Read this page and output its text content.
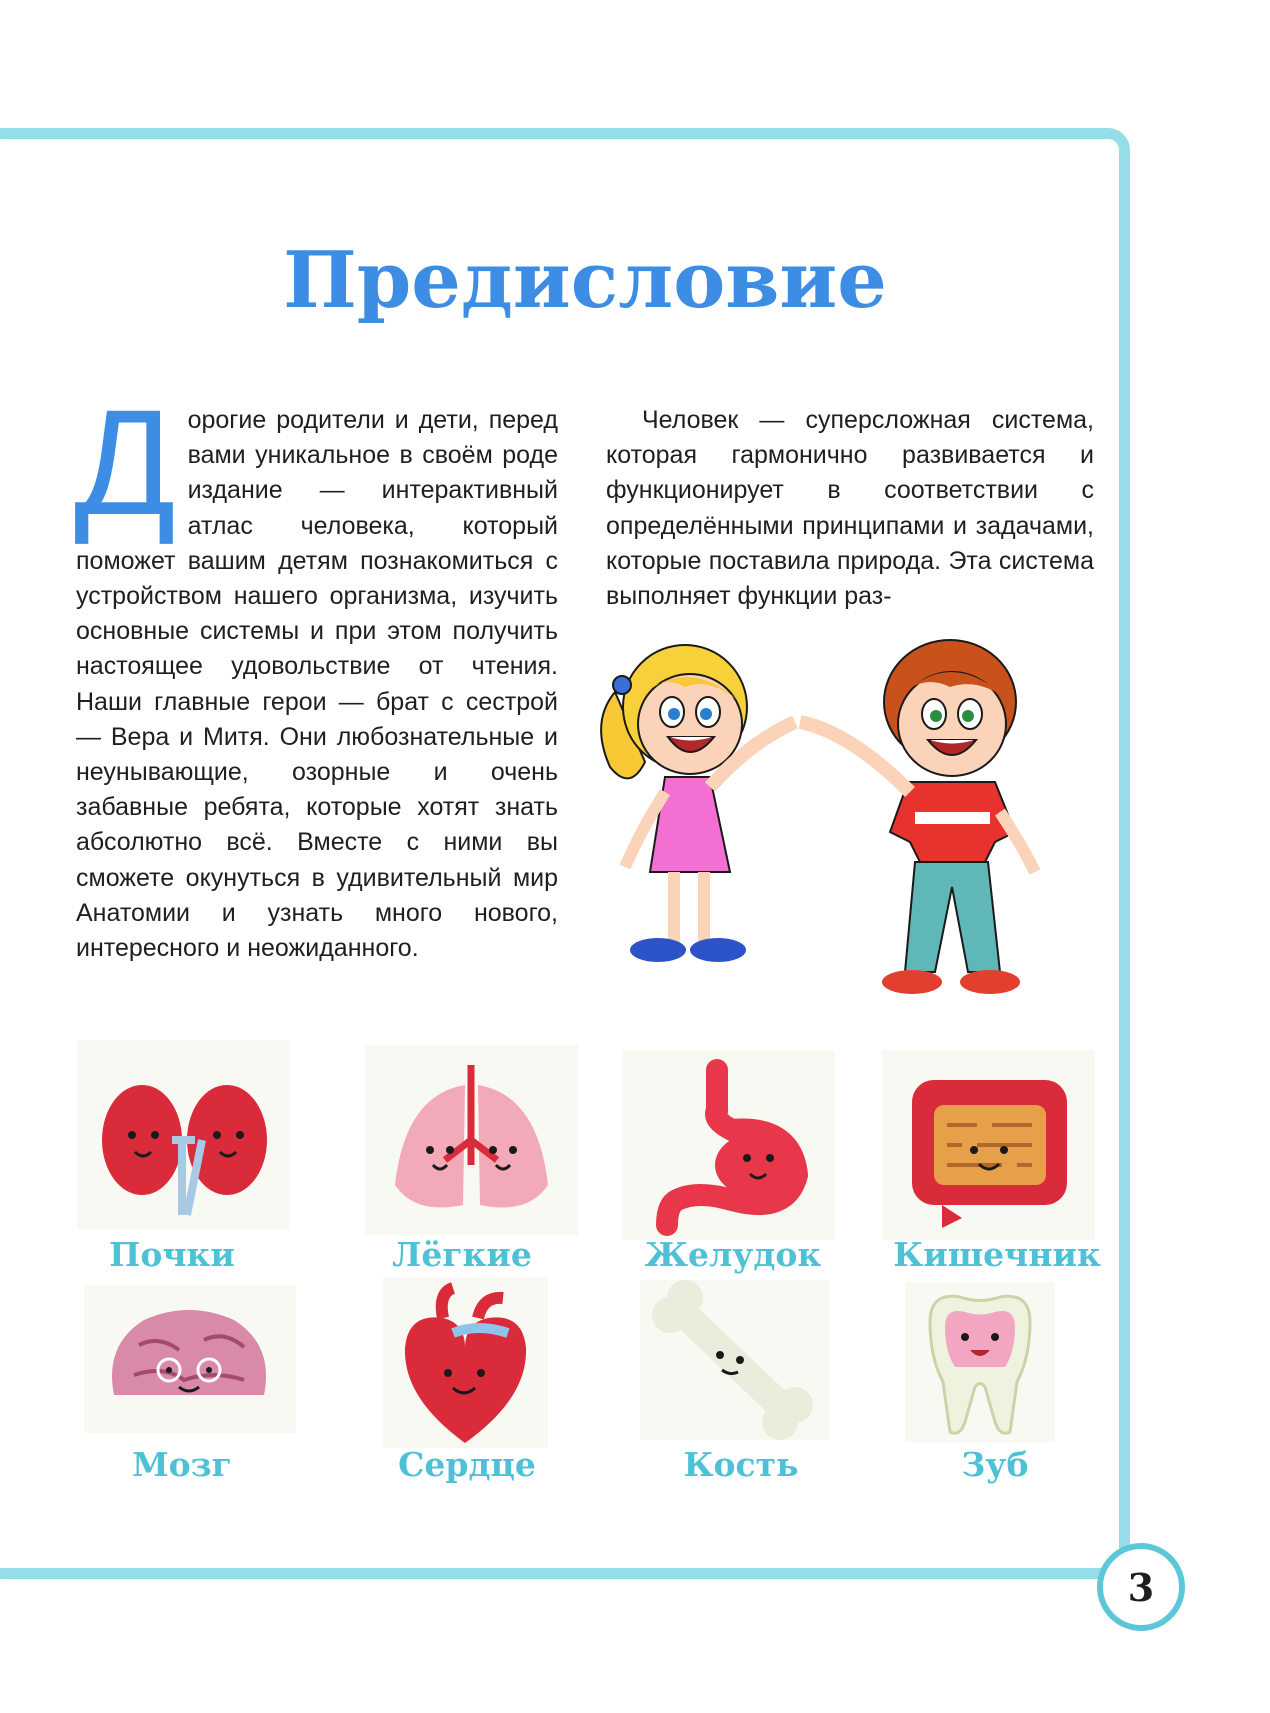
Предисловие
Д орогие родители и дети, перед вами уникальное в своём роде издание — интерактивный атлас человека, который поможет вашим детям познакомиться с устройством нашего организма, изучить основные системы и при этом получить настоящее удовольствие от чтения. Наши главные герои — брат с сестрой — Вера и Митя. Они любознательные и неунывающие, озорные и очень забавные ребята, которые хотят знать абсолютно всё. Вместе с ними вы сможете окунуться в удивительный мир Анатомии и узнать много нового, интересного и неожиданного.

Человек — суперсложная система, которая гармонично развивается и функционирует в соответствии с определёнными принципами и задачами, которые поставила природа. Эта система выполняет функции раз-

Почки	Лёгкие	Желудок	Кишечник
Мозг	Сердце	Кость	Зуб
3
